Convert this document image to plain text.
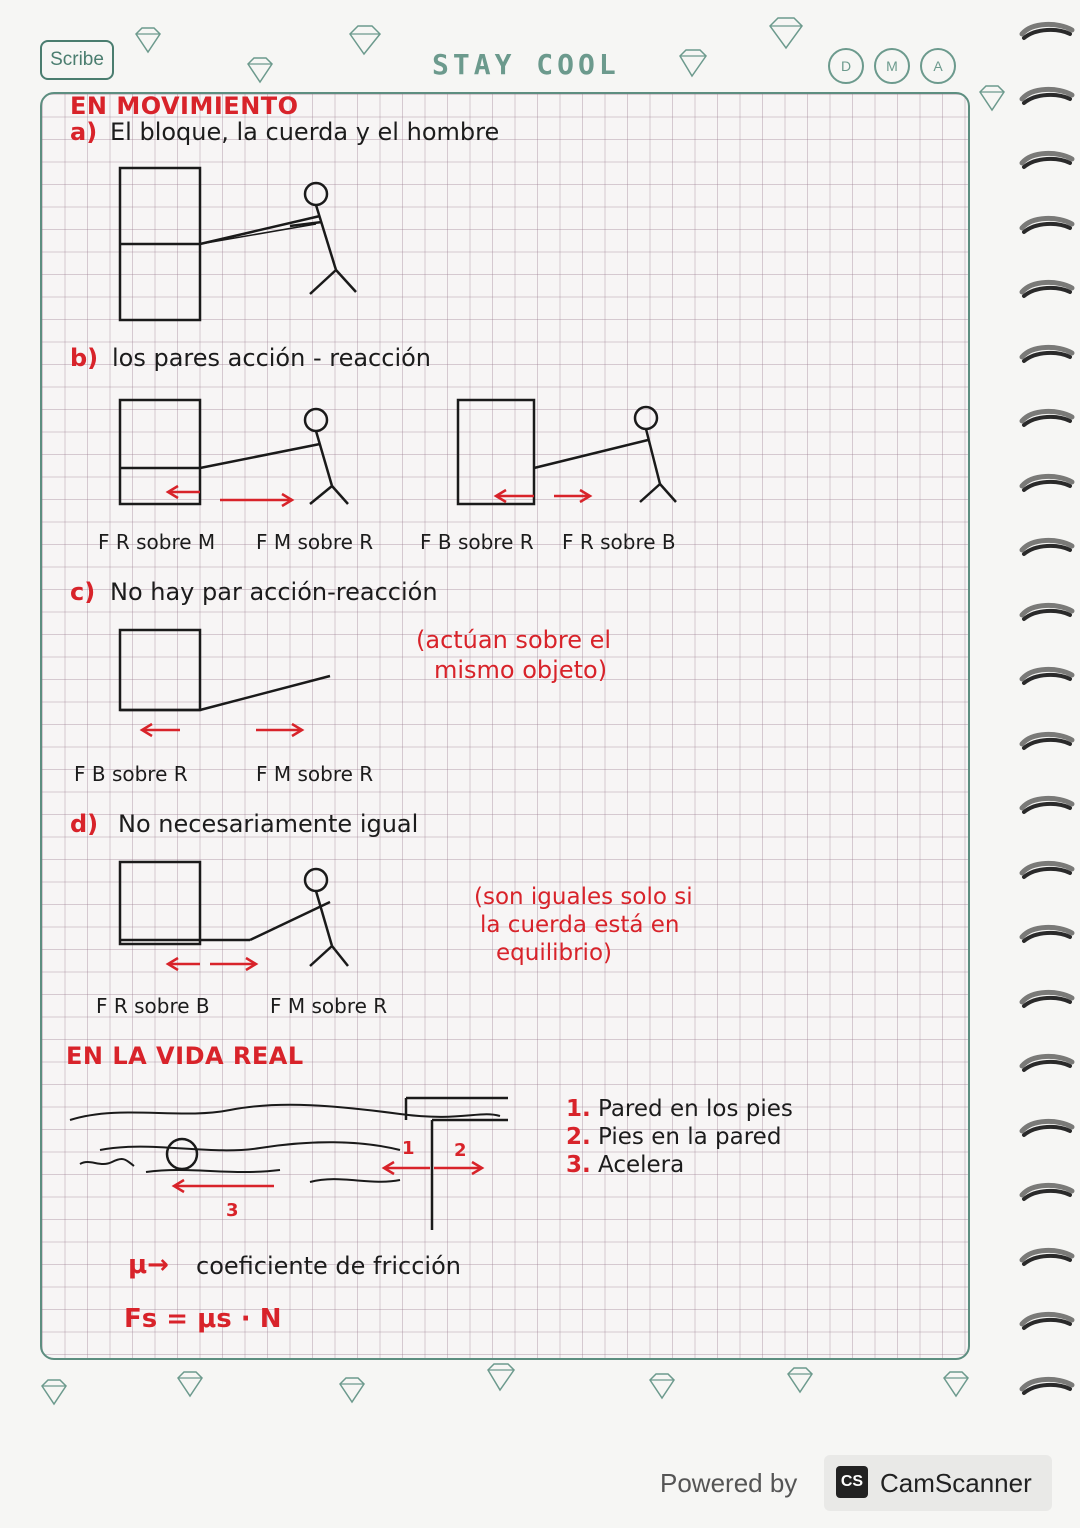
Scribe	STAY COOL	D	M	A
EN MOVIMIENTO
a) El bloque, la cuerda y el hombre
b) los pares acción - reacción
F R sobre M F M sobre R F B sobre R F R sobre B
c) No hay par acción-reacción
(actúan sobre el
mismo objeto)
F B sobre R	F M sobre R
d) No necesariamente igual
(son iguales solo si
la cuerda está en
equilibrio)
F R sobre B	F M sobre R
EN LA VIDA REAL
1 2
3
1. Pared en los pies
2. Pies en la pared
3. Acelera
μ→ coeficiente de fricción
Fs = μs · N
Powered by	CS CamScanner
